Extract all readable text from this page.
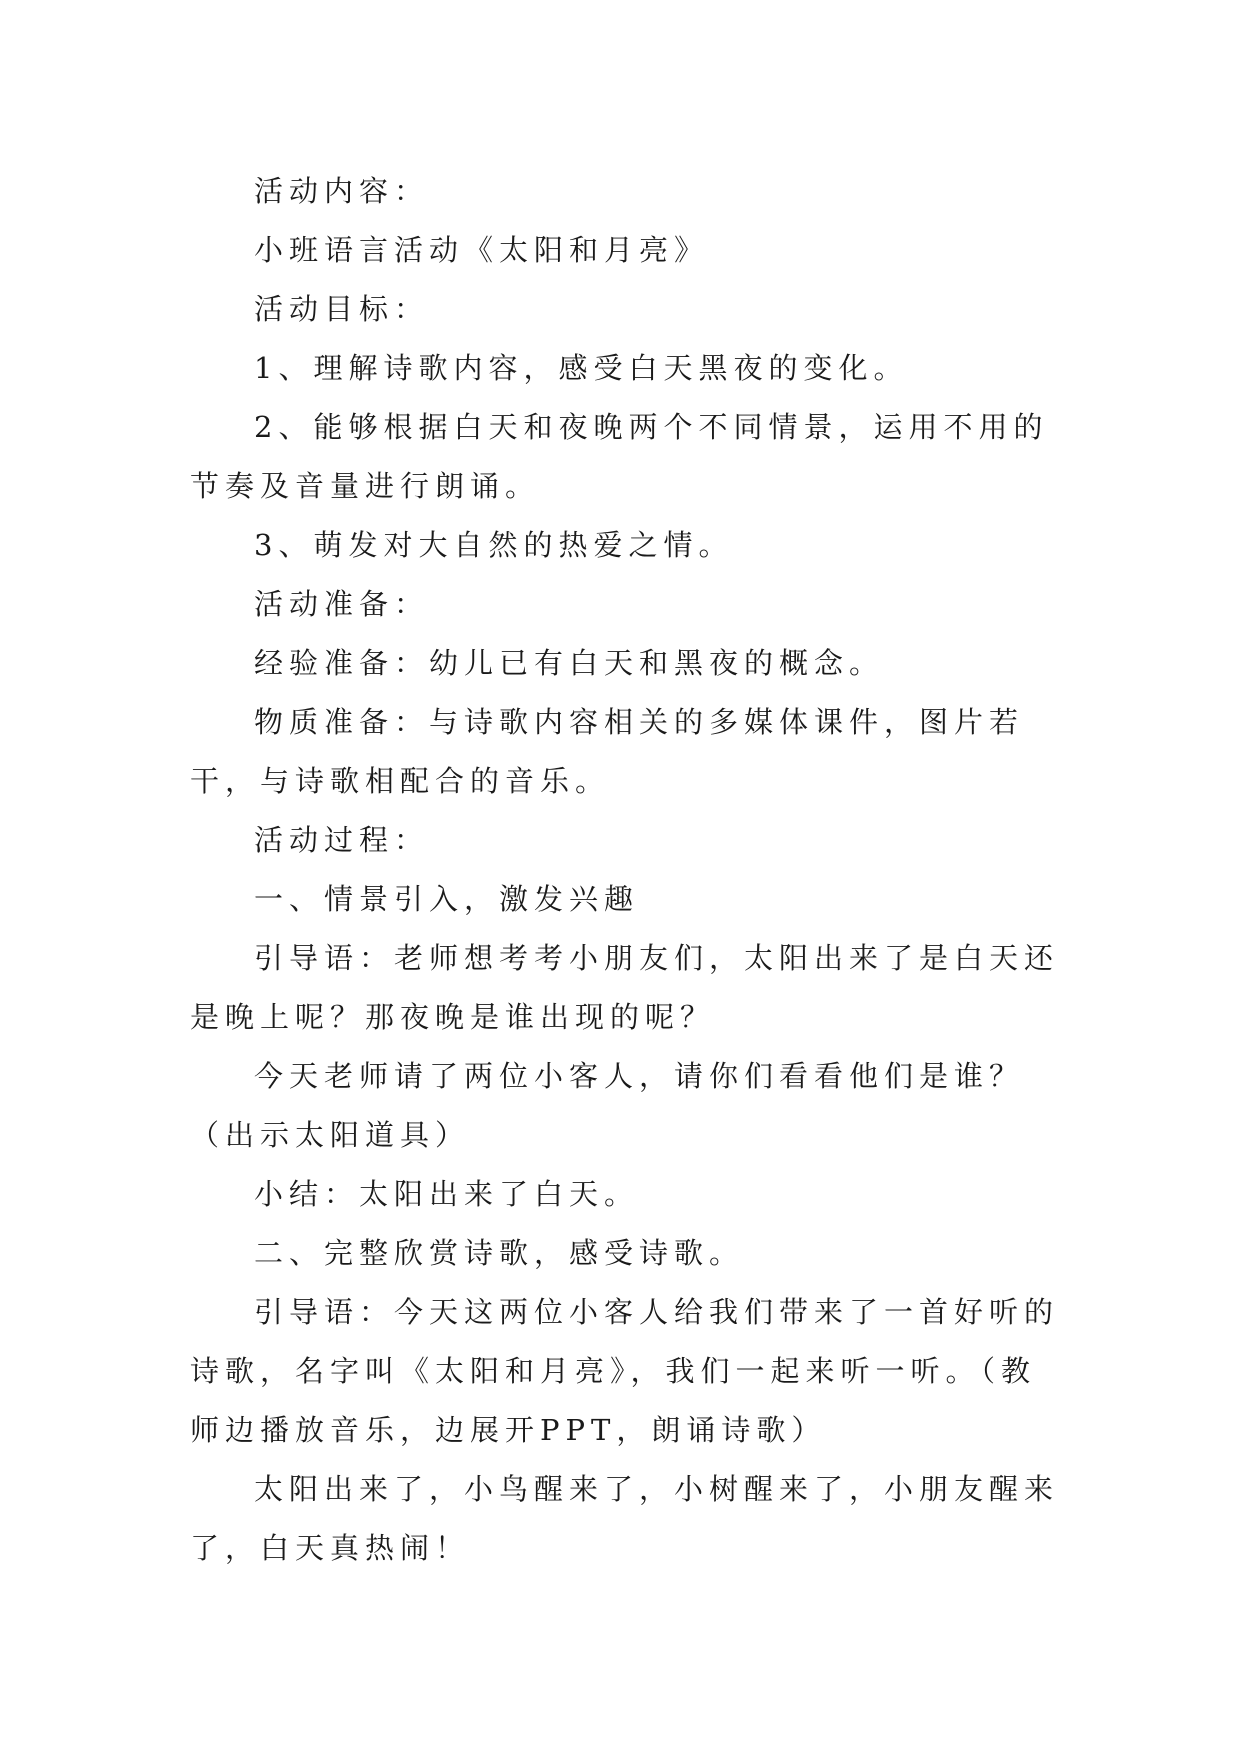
活动内容：

小班语言活动《太阳和月亮》

活动目标：

1、理解诗歌内容，感受白天黑夜的变化。

2、能够根据白天和夜晚两个不同情景，运用不用的节奏及音量进行朗诵。

3、萌发对大自然的热爱之情。

活动准备：

经验准备：幼儿已有白天和黑夜的概念。

物质准备：与诗歌内容相关的多媒体课件，图片若干，与诗歌相配合的音乐。

活动过程：

一、情景引入，激发兴趣

引导语：老师想考考小朋友们，太阳出来了是白天还是晚上呢？那夜晚是谁出现的呢？

今天老师请了两位小客人，请你们看看他们是谁？（出示太阳道具）

小结：太阳出来了白天。

二、完整欣赏诗歌，感受诗歌。

引导语：今天这两位小客人给我们带来了一首好听的诗歌，名字叫《太阳和月亮》，我们一起来听一听。（教师边播放音乐，边展开PPT，朗诵诗歌）

太阳出来了，小鸟醒来了，小树醒来了，小朋友醒来了，白天真热闹！
